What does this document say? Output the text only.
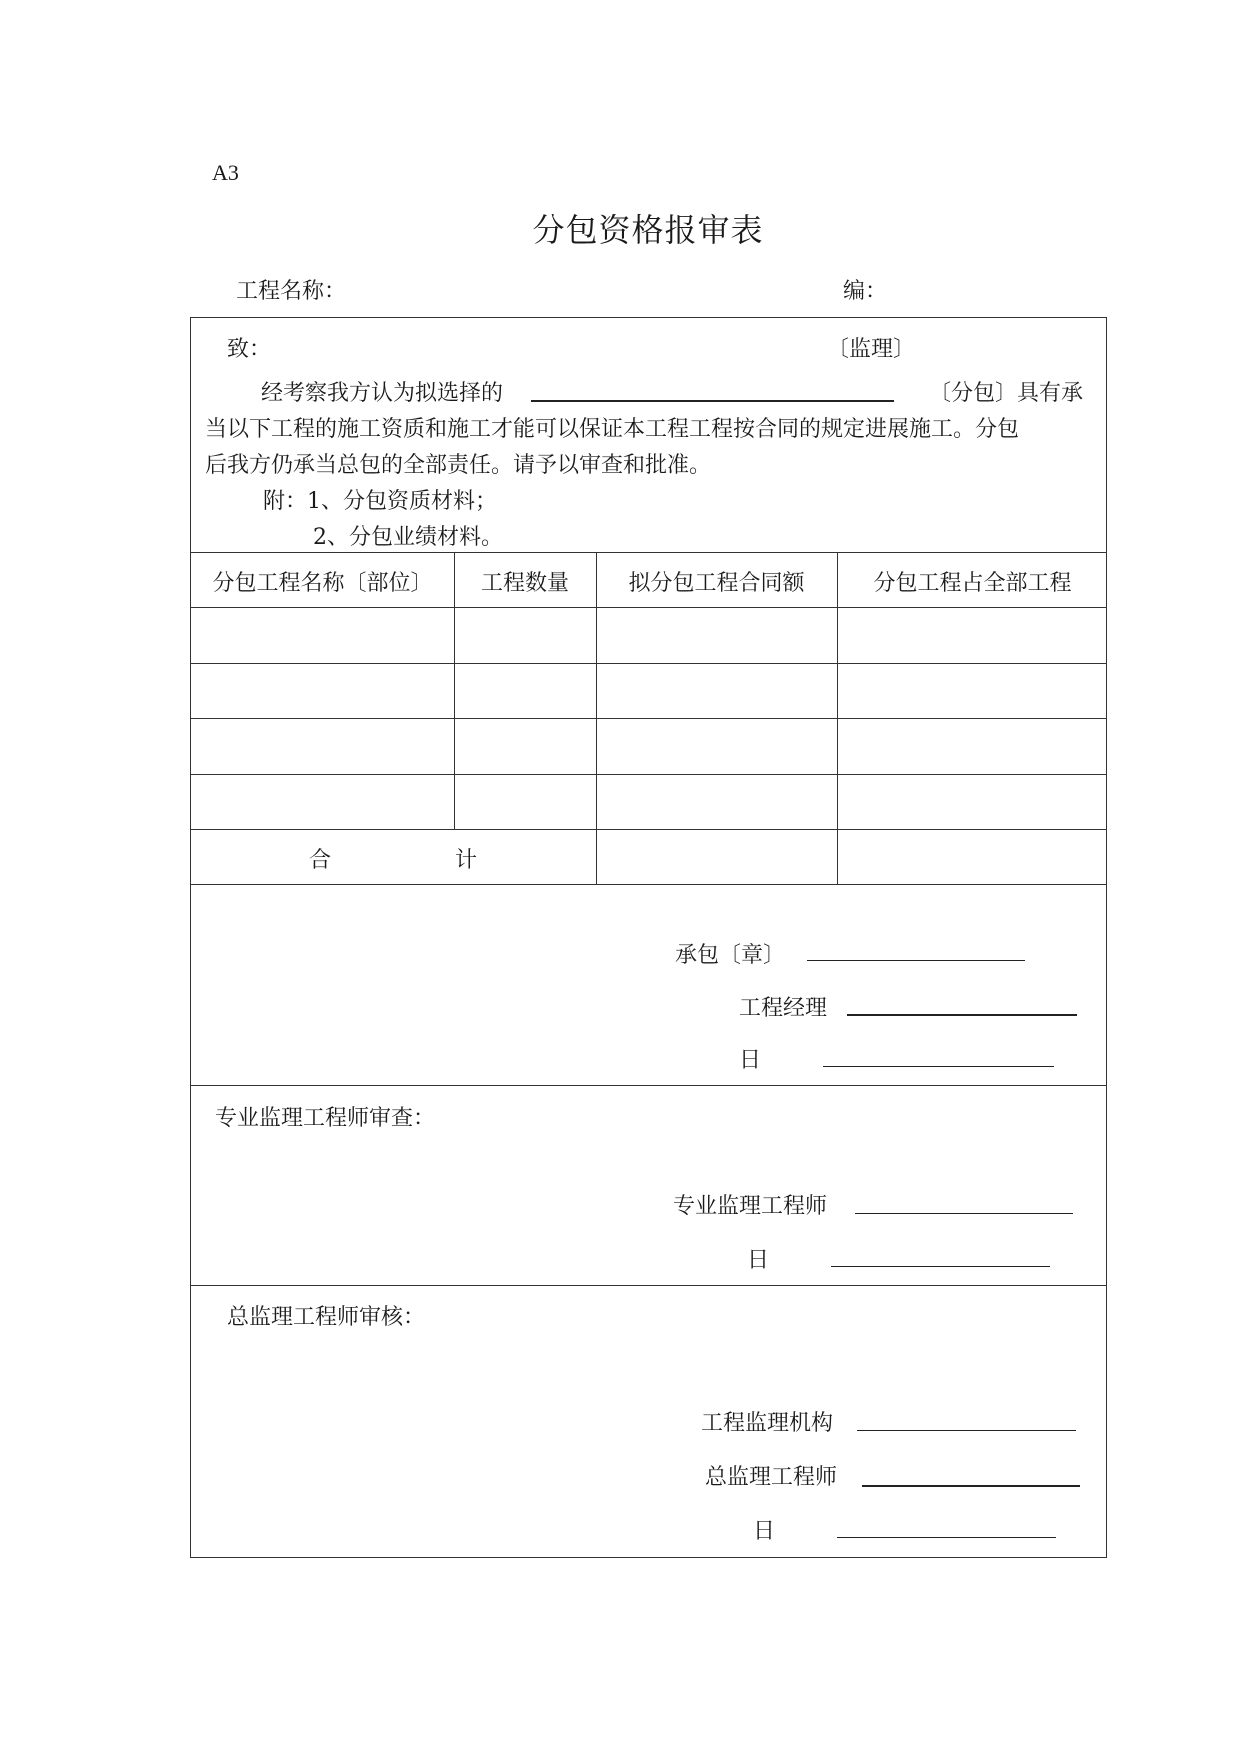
A3
分包资格报审表
工程名称：	编：
致：	〔监理〕
经考察我方认为拟选择的	〔分包〕具有承
当以下工程的施工资质和施工才能可以保证本工程工程按合同的规定进展施工。分包
后我方仍承当总包的全部责任。请予以审查和批准。
附：1、分包资质材料；
2、分包业绩材料。
分包工程名称〔部位〕	工程数量	拟分包工程合同额	分包工程占全部工程
合	计
承包〔章〕
工程经理
日
专业监理工程师审查：
专业监理工程师
日
总监理工程师审核：
工程监理机构
总监理工程师
日
